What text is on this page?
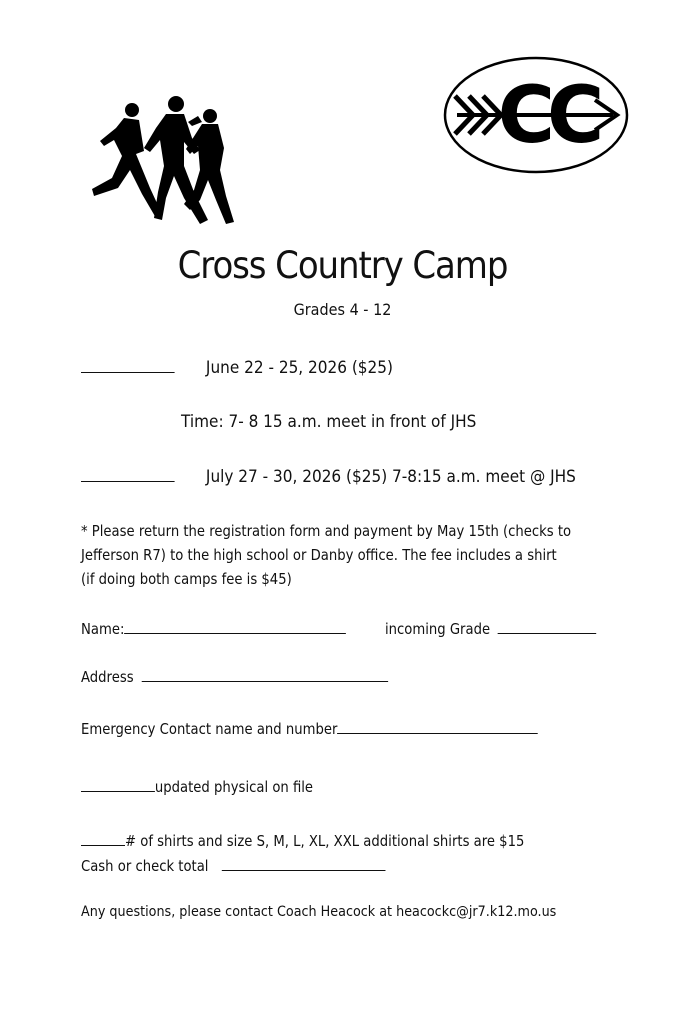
CC
Cross Country Camp
Grades 4 - 12
June 22 - 25, 2026 ($25)
Time: 7- 8 15 a.m. meet in front of JHS
July 27 - 30, 2026 ($25) 7-8:15 a.m. meet @ JHS
* Please return the registration form and payment by May 15th (checks to
Jefferson R7) to the high school or Danby office. The fee includes a shirt
(if doing both camps fee is $45)
Name:	incoming Grade
Address
Emergency Contact name and number
updated physical on file
# of shirts and size S, M, L, XL, XXL additional shirts are $15
Cash or check total
Any questions, please contact Coach Heacock at heacockc@jr7.k12.mo.us
